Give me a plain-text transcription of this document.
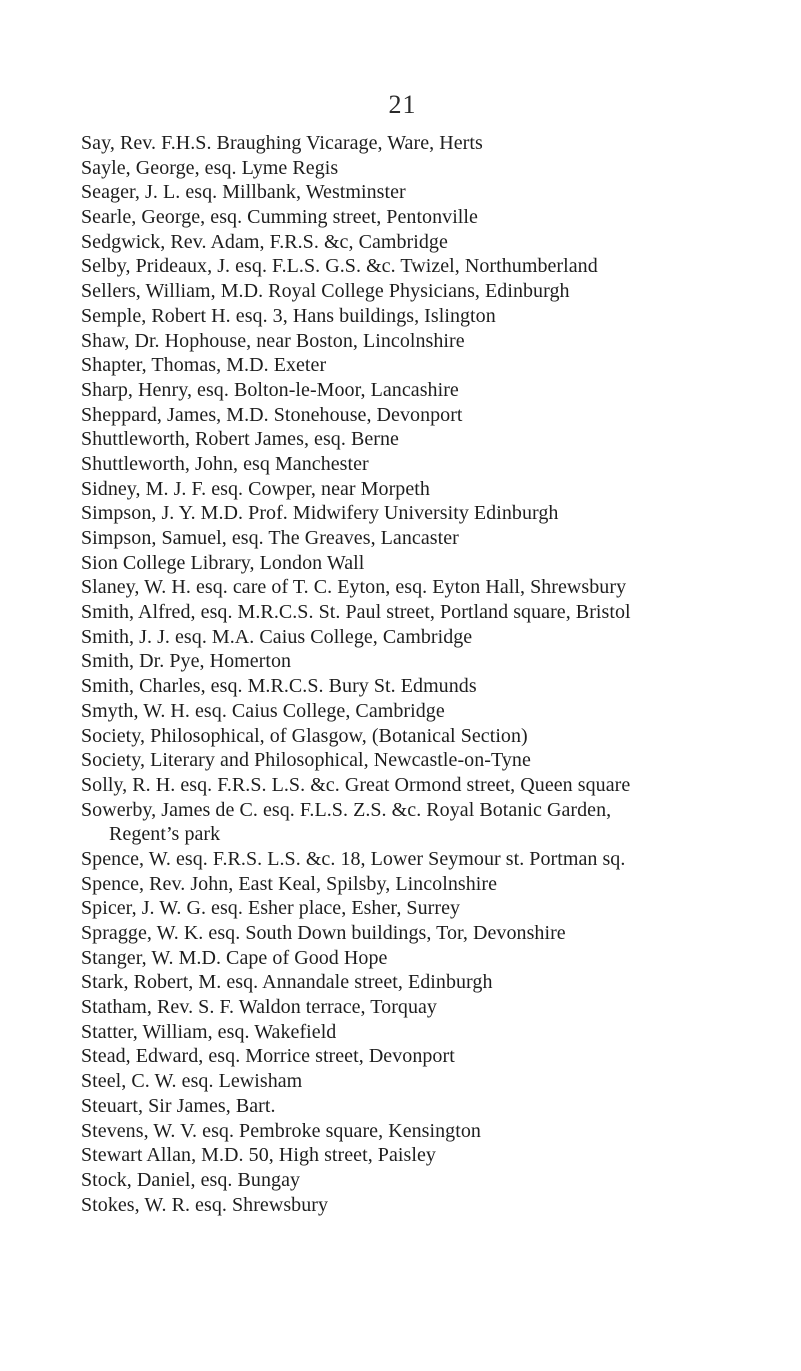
21
Say, Rev. F.H.S. Braughing Vicarage, Ware, Herts
Sayle, George, esq. Lyme Regis
Seager, J. L. esq. Millbank, Westminster
Searle, George, esq. Cumming street, Pentonville
Sedgwick, Rev. Adam, F.R.S. &c, Cambridge
Selby, Prideaux, J. esq. F.L.S. G.S. &c. Twizel, Northumberland
Sellers, William, M.D. Royal College Physicians, Edinburgh
Semple, Robert H. esq. 3, Hans buildings, Islington
Shaw, Dr. Hophouse, near Boston, Lincolnshire
Shapter, Thomas, M.D. Exeter
Sharp, Henry, esq. Bolton-le-Moor, Lancashire
Sheppard, James, M.D. Stonehouse, Devonport
Shuttleworth, Robert James, esq. Berne
Shuttleworth, John, esq Manchester
Sidney, M. J. F. esq. Cowper, near Morpeth
Simpson, J. Y. M.D. Prof. Midwifery University Edinburgh
Simpson, Samuel, esq. The Greaves, Lancaster
Sion College Library, London Wall
Slaney, W. H. esq. care of T. C. Eyton, esq. Eyton Hall, Shrewsbury
Smith, Alfred, esq. M.R.C.S. St. Paul street, Portland square, Bristol
Smith, J. J. esq. M.A. Caius College, Cambridge
Smith, Dr. Pye, Homerton
Smith, Charles, esq. M.R.C.S. Bury St. Edmunds
Smyth, W. H. esq. Caius College, Cambridge
Society, Philosophical, of Glasgow, (Botanical Section)
Society, Literary and Philosophical, Newcastle-on-Tyne
Solly, R. H. esq. F.R.S. L.S. &c. Great Ormond street, Queen square
Sowerby, James de C. esq. F.L.S. Z.S. &c. Royal Botanic Garden,
Regent’s park
Spence, W. esq. F.R.S. L.S. &c. 18, Lower Seymour st. Portman sq.
Spence, Rev. John, East Keal, Spilsby, Lincolnshire
Spicer, J. W. G. esq. Esher place, Esher, Surrey
Spragge, W. K. esq. South Down buildings, Tor, Devonshire
Stanger, W. M.D. Cape of Good Hope
Stark, Robert, M. esq. Annandale street, Edinburgh
Statham, Rev. S. F. Waldon terrace, Torquay
Statter, William, esq. Wakefield
Stead, Edward, esq. Morrice street, Devonport
Steel, C. W. esq. Lewisham
Steuart, Sir James, Bart.
Stevens, W. V. esq. Pembroke square, Kensington
Stewart Allan, M.D. 50, High street, Paisley
Stock, Daniel, esq. Bungay
Stokes, W. R. esq. Shrewsbury
